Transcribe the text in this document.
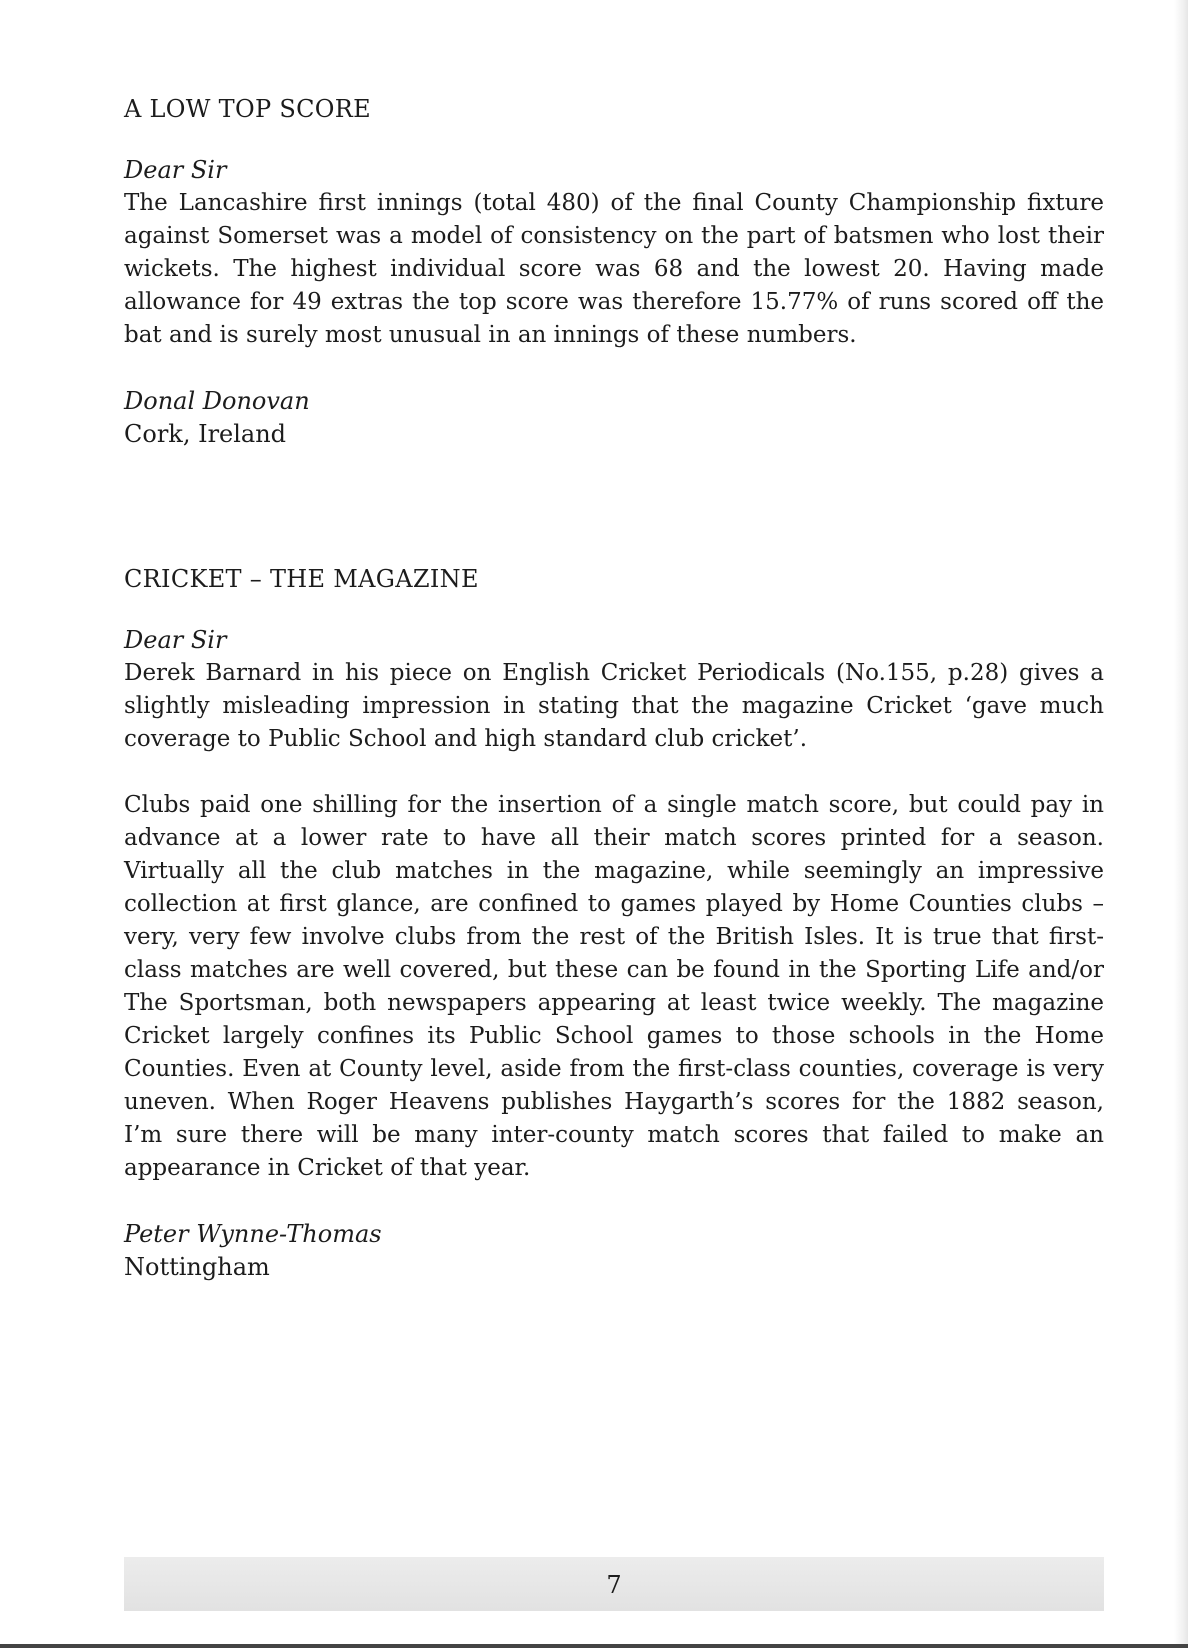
A LOW TOP SCORE

Dear Sir

The Lancashire first innings (total 480) of the final County Championship fixture against Somerset was a model of consistency on the part of batsmen who lost their wickets. The highest individual score was 68 and the lowest 20. Having made allowance for 49 extras the top score was therefore 15.77% of runs scored off the bat and is surely most unusual in an innings of these numbers.

Donal Donovan

Cork, Ireland

CRICKET – THE MAGAZINE

Dear Sir

Derek Barnard in his piece on English Cricket Periodicals (No.155, p.28) gives a slightly misleading impression in stating that the magazine Cricket ‘gave much coverage to Public School and high standard club cricket’.

Clubs paid one shilling for the insertion of a single match score, but could pay in advance at a lower rate to have all their match scores printed for a season. Virtually all the club matches in the magazine, while seemingly an impressive collection at first glance, are confined to games played by Home Counties clubs – very, very few involve clubs from the rest of the British Isles. It is true that first-class matches are well covered, but these can be found in the Sporting Life and/or The Sportsman, both newspapers appearing at least twice weekly. The magazine Cricket largely confines its Public School games to those schools in the Home Counties. Even at County level, aside from the first-class counties, coverage is very uneven. When Roger Heavens publishes Haygarth’s scores for the 1882 season, I’m sure there will be many inter-county match scores that failed to make an appearance in Cricket of that year.

Peter Wynne-Thomas

Nottingham

7
